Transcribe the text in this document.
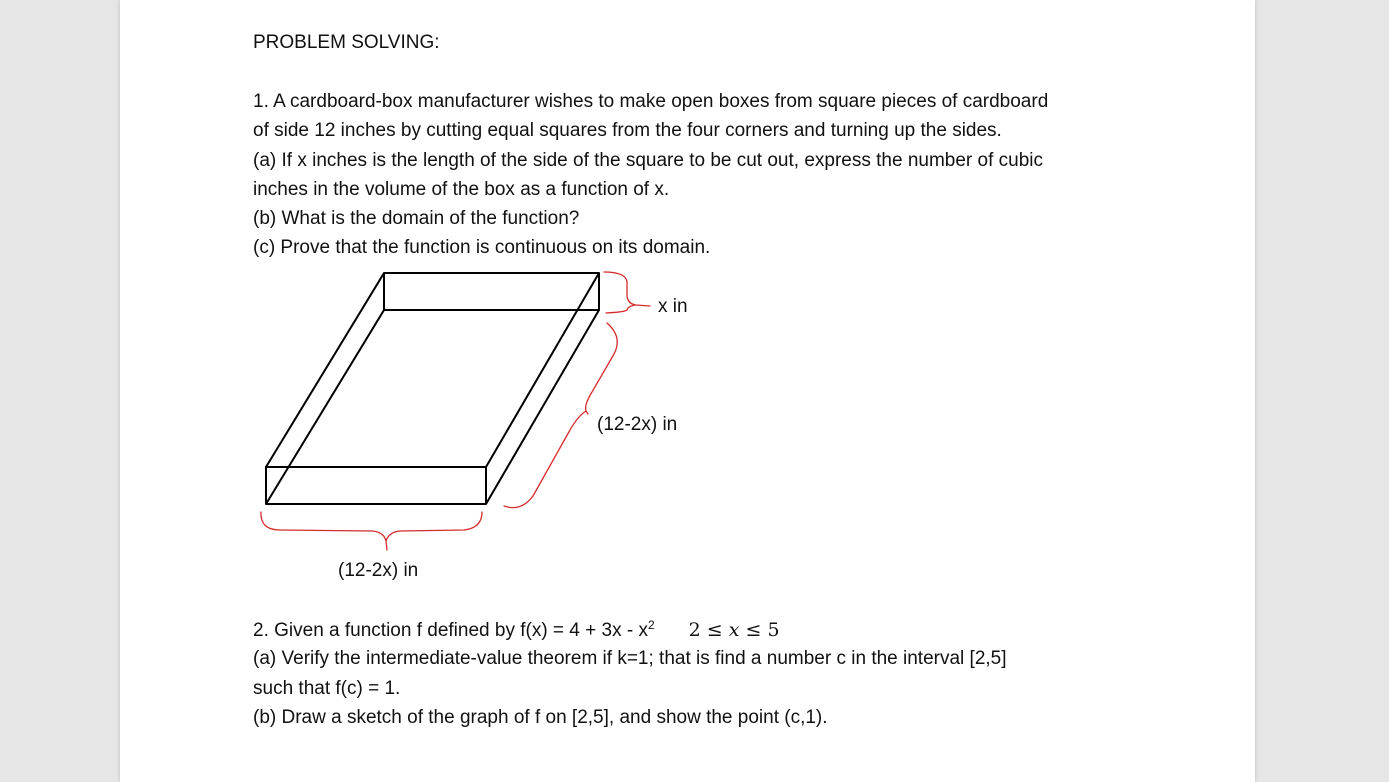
PROBLEM SOLVING:
1. A cardboard-box manufacturer wishes to make open boxes from square pieces of cardboard
of side 12 inches by cutting equal squares from the four corners and turning up the sides.
(a) If x inches is the length of the side of the square to be cut out, express the number of cubic
inches in the volume of the box as a function of x.
(b) What is the domain of the function?
(c) Prove that the function is continuous on its domain.
x in
(12-2x) in
(12-2x) in
2. Given a function f defined by $f(x) = 4 + 3x - x^2$ 2 ≤ x ≤ 5
(a) Verify the intermediate-value theorem if k=1; that is find a number c in the interval [2,5]
such that f(c) = 1.
(b) Draw a sketch of the graph of f on [2,5], and show the point (c,1).
